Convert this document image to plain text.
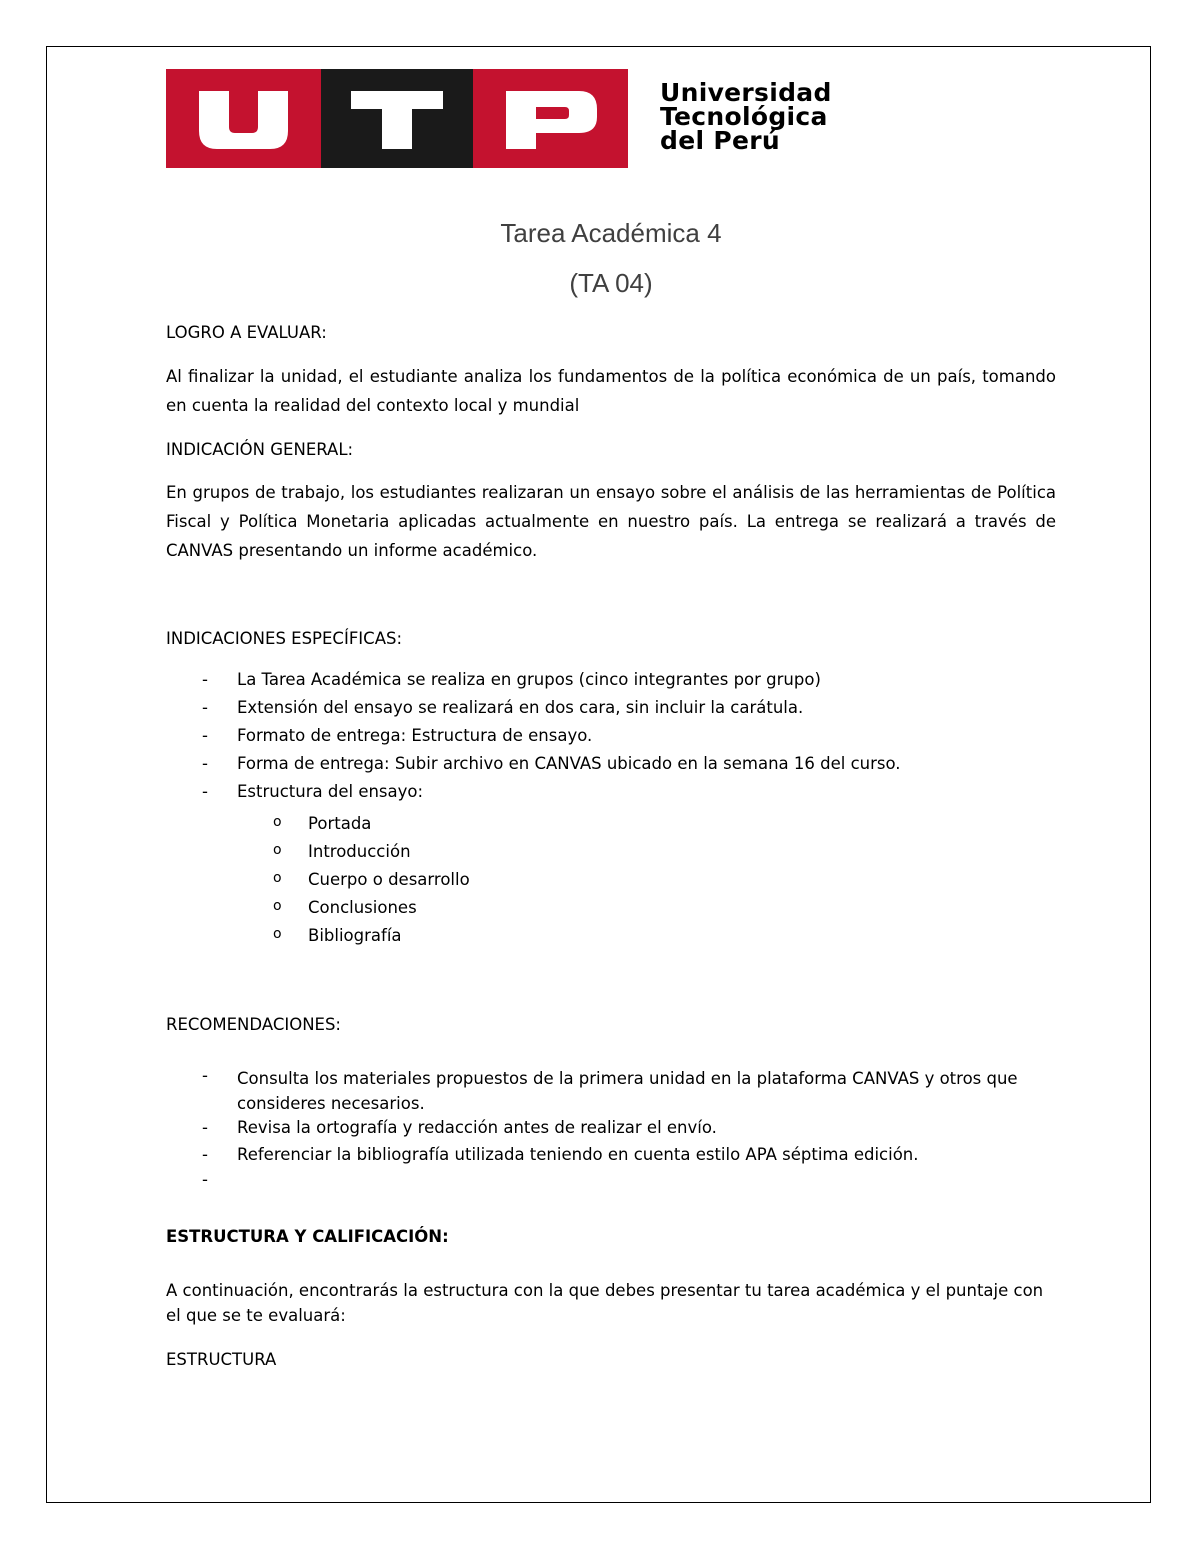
Universidad
Tecnológica
del Perú
Tarea Académica 4
(TA 04)
LOGRO A EVALUAR:
Al finalizar la unidad, el estudiante analiza los fundamentos de la política económica de un país, tomando en cuenta la realidad del contexto local y mundial
INDICACIÓN GENERAL:
En grupos de trabajo, los estudiantes realizaran un ensayo sobre el análisis de las herramientas de Política Fiscal y Política Monetaria aplicadas actualmente en nuestro país. La entrega se realizará a través de CANVAS presentando un informe académico.
INDICACIONES ESPECÍFICAS:
- La Tarea Académica se realiza en grupos (cinco integrantes por grupo)
- Extensión del ensayo se realizará en dos cara, sin incluir la carátula.
- Formato de entrega: Estructura de ensayo.
- Forma de entrega: Subir archivo en CANVAS ubicado en la semana 16 del curso.
- Estructura del ensayo:
o Portada
o Introducción
o Cuerpo o desarrollo
o Conclusiones
o Bibliografía
- Consulta los materiales propuestos de la primera unidad en la plataforma CANVAS y otros que consideres necesarios.
- Revisa la ortografía y redacción antes de realizar el envío.
- Referenciar la bibliografía utilizada teniendo en cuenta estilo APA séptima edición.
-
RECOMENDACIONES:
ESTRUCTURA Y CALIFICACIÓN:
A continuación, encontrarás la estructura con la que debes presentar tu tarea académica y el puntaje con el que se te evaluará:
ESTRUCTURA
